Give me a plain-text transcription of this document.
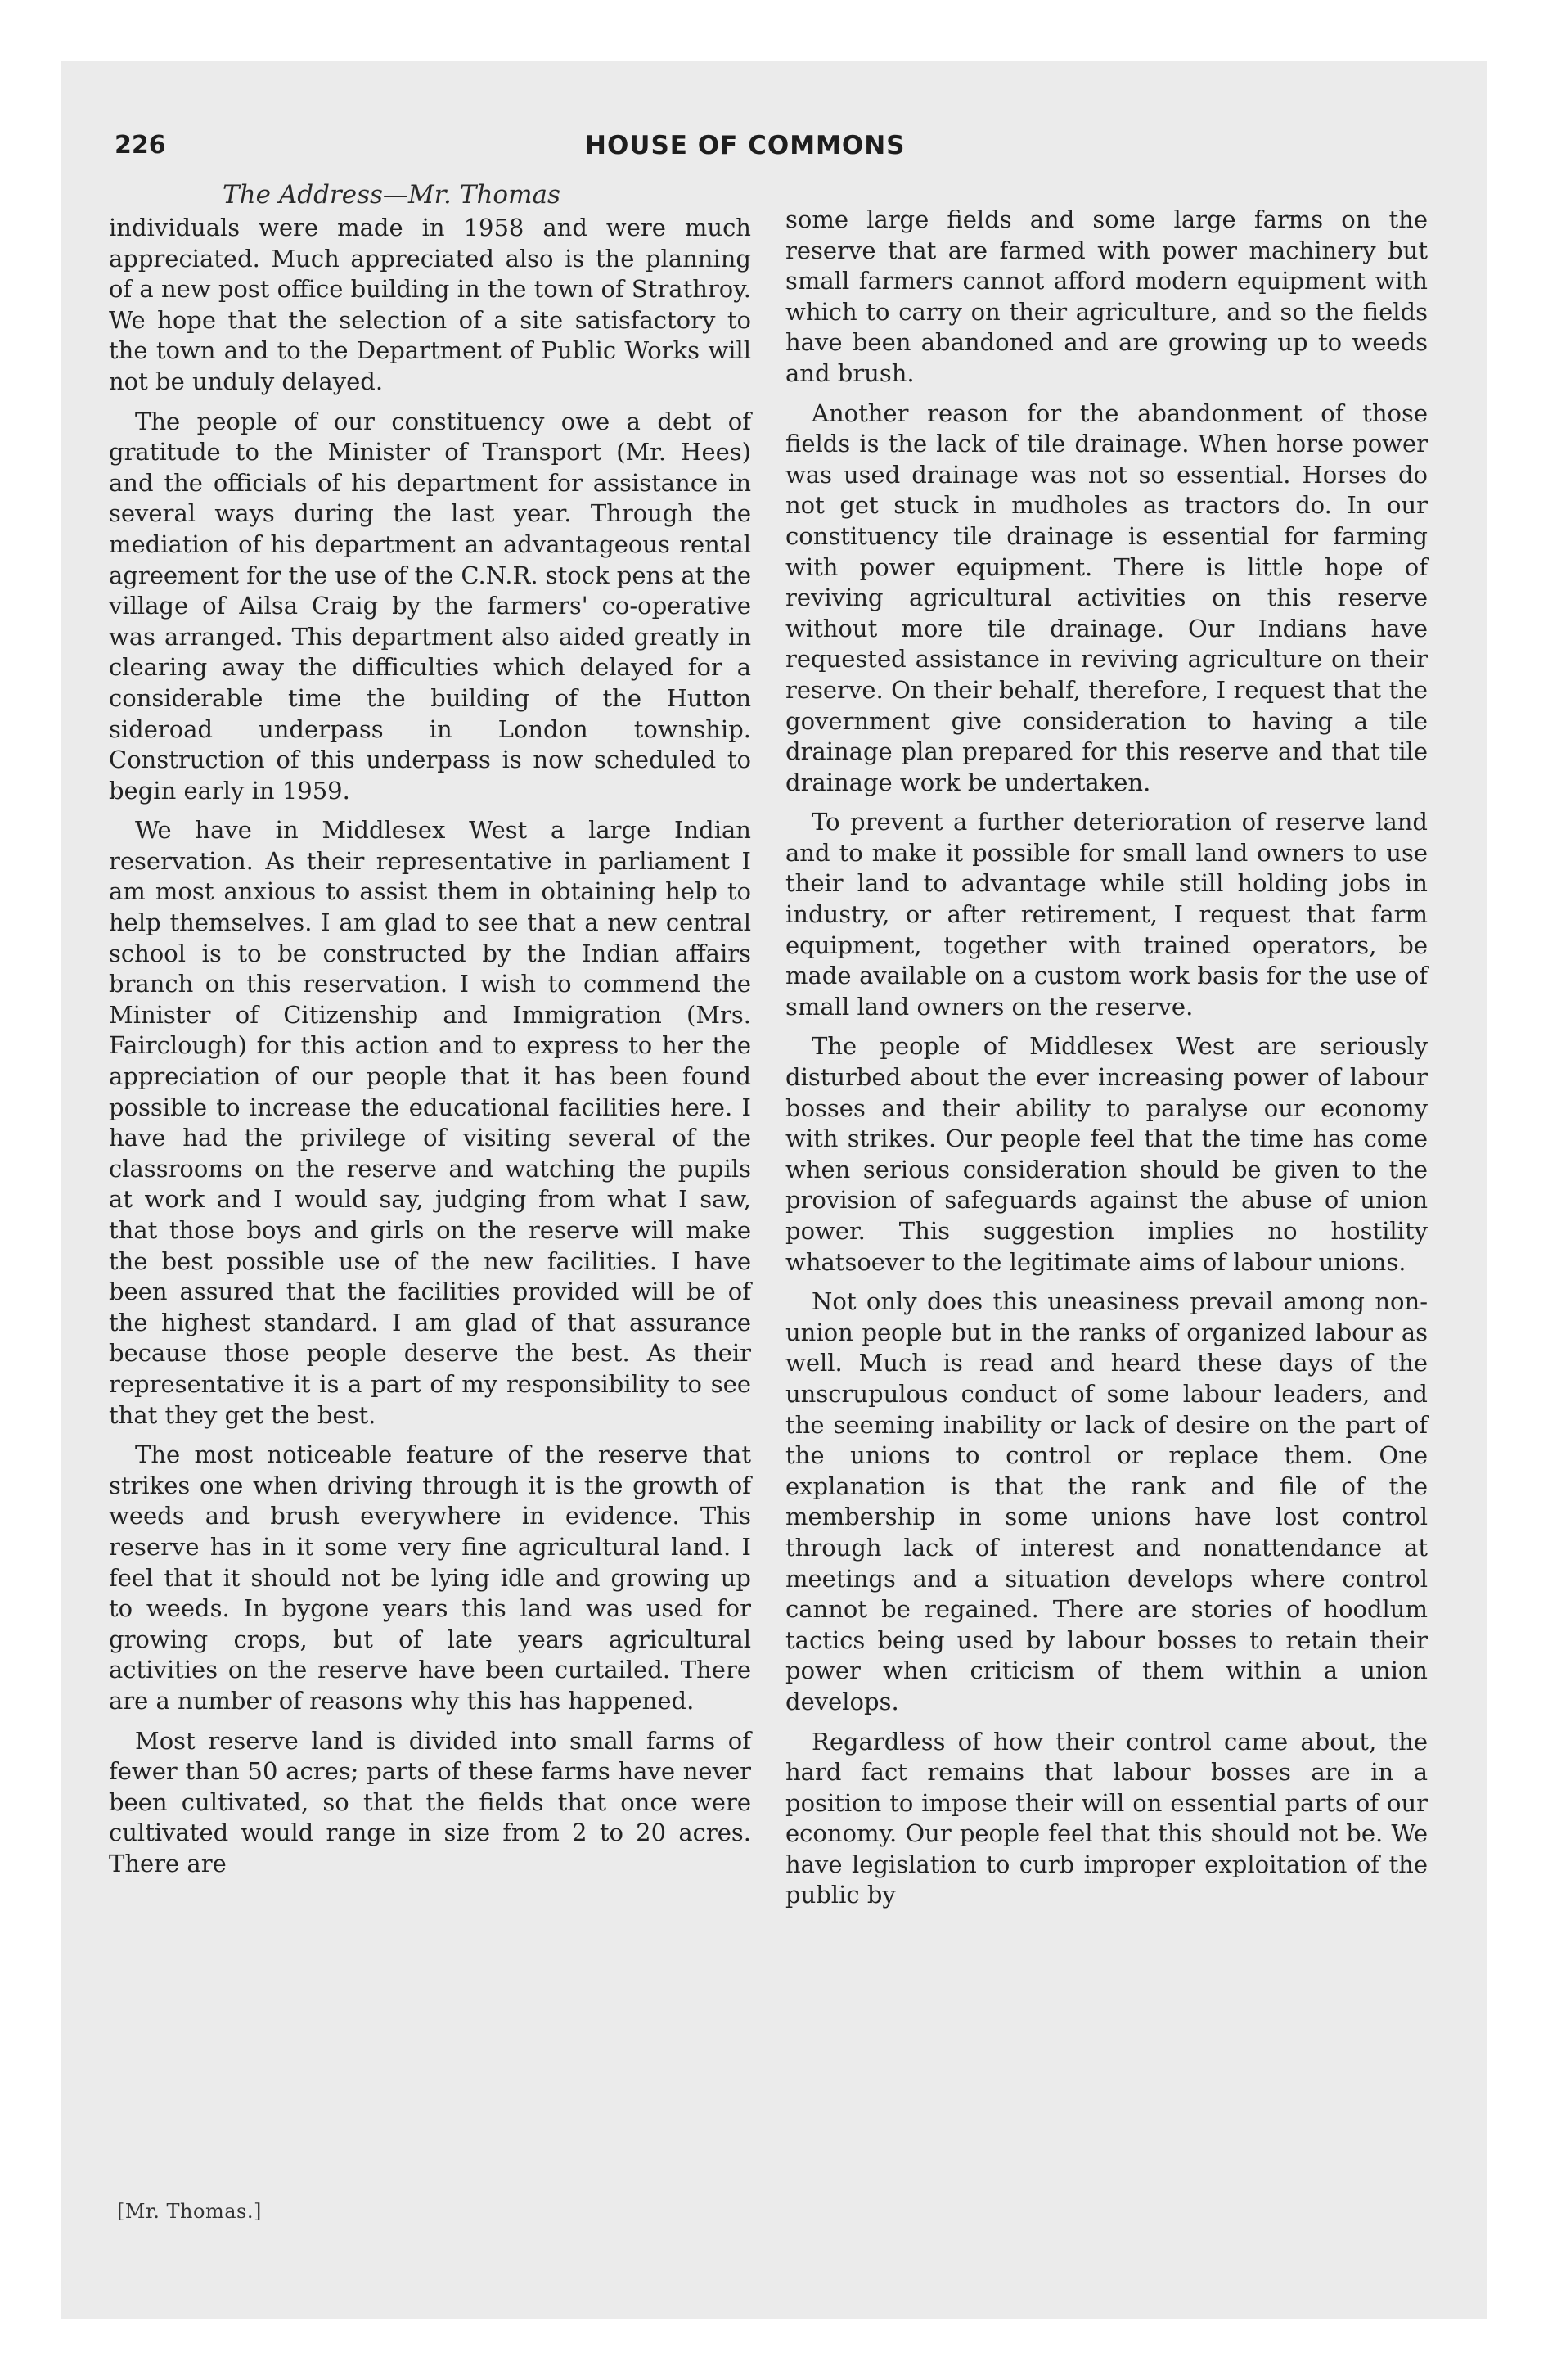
226	HOUSE OF COMMONS
The Address—Mr. Thomas

individuals were made in 1958 and were much appreciated. Much appreciated also is the planning of a new post office building in the town of Strathroy. We hope that the selection of a site satisfactory to the town and to the Department of Public Works will not be unduly delayed.

The people of our constituency owe a debt of gratitude to the Minister of Transport (Mr. Hees) and the officials of his department for assistance in several ways during the last year. Through the mediation of his department an advantageous rental agreement for the use of the C.N.R. stock pens at the village of Ailsa Craig by the farmers' co-operative was arranged. This department also aided greatly in clearing away the difficulties which delayed for a considerable time the building of the Hutton sideroad underpass in London township. Construction of this underpass is now scheduled to begin early in 1959.

We have in Middlesex West a large Indian reservation. As their representative in parliament I am most anxious to assist them in obtaining help to help themselves. I am glad to see that a new central school is to be constructed by the Indian affairs branch on this reservation. I wish to commend the Minister of Citizenship and Immigration (Mrs. Fairclough) for this action and to express to her the appreciation of our people that it has been found possible to increase the educational facilities here. I have had the privilege of visiting several of the classrooms on the reserve and watching the pupils at work and I would say, judging from what I saw, that those boys and girls on the reserve will make the best possible use of the new facilities. I have been assured that the facilities provided will be of the highest standard. I am glad of that assurance because those people deserve the best. As their representative it is a part of my responsibility to see that they get the best.

The most noticeable feature of the reserve that strikes one when driving through it is the growth of weeds and brush everywhere in evidence. This reserve has in it some very fine agricultural land. I feel that it should not be lying idle and growing up to weeds. In bygone years this land was used for growing crops, but of late years agricultural activities on the reserve have been curtailed. There are a number of reasons why this has happened.

Most reserve land is divided into small farms of fewer than 50 acres; parts of these farms have never been cultivated, so that the fields that once were cultivated would range in size from 2 to 20 acres. There are

some large fields and some large farms on the reserve that are farmed with power machinery but small farmers cannot afford modern equipment with which to carry on their agriculture, and so the fields have been abandoned and are growing up to weeds and brush.

Another reason for the abandonment of those fields is the lack of tile drainage. When horse power was used drainage was not so essential. Horses do not get stuck in mudholes as tractors do. In our constituency tile drainage is essential for farming with power equipment. There is little hope of reviving agricultural activities on this reserve without more tile drainage. Our Indians have requested assistance in reviving agriculture on their reserve. On their behalf, therefore, I request that the government give consideration to having a tile drainage plan prepared for this reserve and that tile drainage work be undertaken.

To prevent a further deterioration of reserve land and to make it possible for small land owners to use their land to advantage while still holding jobs in industry, or after retirement, I request that farm equipment, together with trained operators, be made available on a custom work basis for the use of small land owners on the reserve.

The people of Middlesex West are seriously disturbed about the ever increasing power of labour bosses and their ability to paralyse our economy with strikes. Our people feel that the time has come when serious consideration should be given to the provision of safeguards against the abuse of union power. This suggestion implies no hostility whatsoever to the legitimate aims of labour unions.

Not only does this uneasiness prevail among non-union people but in the ranks of organized labour as well. Much is read and heard these days of the unscrupulous conduct of some labour leaders, and the seeming inability or lack of desire on the part of the unions to control or replace them. One explanation is that the rank and file of the membership in some unions have lost control through lack of interest and nonattendance at meetings and a situation develops where control cannot be regained. There are stories of hoodlum tactics being used by labour bosses to retain their power when criticism of them within a union develops.

Regardless of how their control came about, the hard fact remains that labour bosses are in a position to impose their will on essential parts of our economy. Our people feel that this should not be. We have legislation to curb improper exploitation of the public by

[Mr. Thomas.]
